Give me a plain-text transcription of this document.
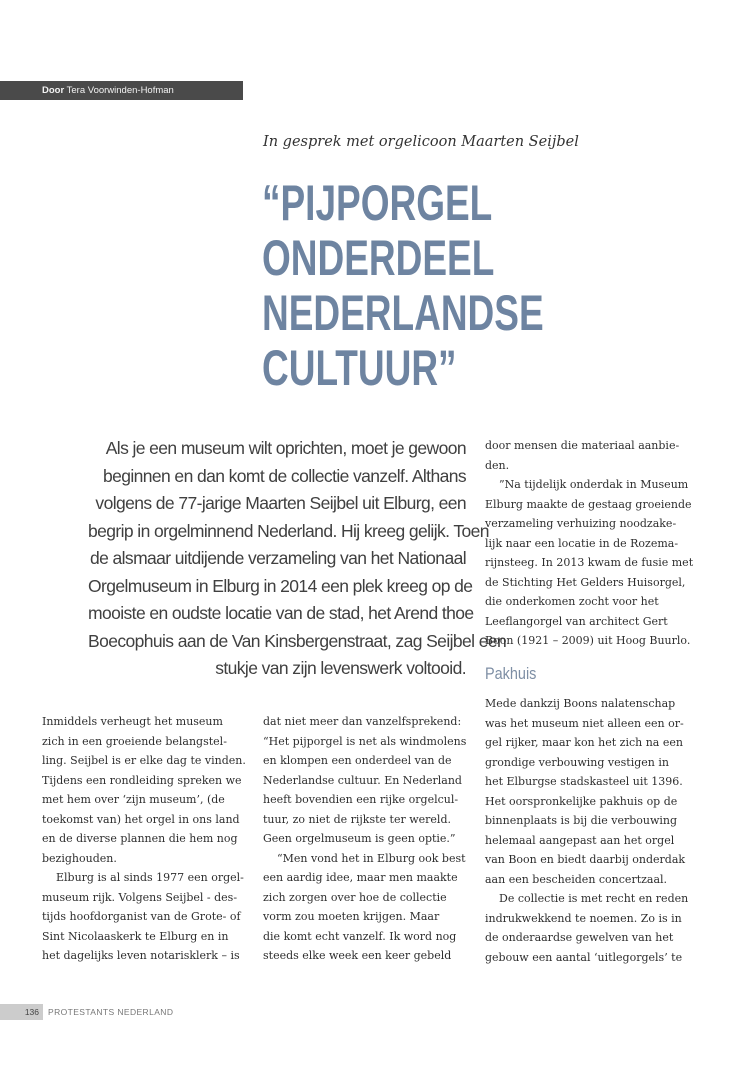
Door Tera Voorwinden-Hofman
In gesprek met orgelicoon Maarten Seijbel
“PIJPORGEL
ONDERDEEL
NEDERLANDSE
CULTUUR”

Als je een museum wilt oprichten, moet je gewoon
beginnen en dan komt de collectie vanzelf. Althans
volgens de 77-jarige Maarten Seijbel uit Elburg, een
begrip in orgelminnend Nederland. Hij kreeg gelijk. Toen
de alsmaar uitdijende verzameling van het Nationaal
Orgelmuseum in Elburg in 2014 een plek kreeg op de
mooiste en oudste locatie van de stad, het Arend thoe
Boecophuis aan de Van Kinsbergenstraat, zag Seijbel een
stukje van zijn levenswerk voltooid.

Inmiddels verheugt het museum
zich in een groeiende belangstel-
ling. Seijbel is er elke dag te vinden.
Tijdens een rondleiding spreken we
met hem over ‘zijn museum’, (de
toekomst van) het orgel in ons land
en de diverse plannen die hem nog
bezighouden.
Elburg is al sinds 1977 een orgel-
museum rijk. Volgens Seijbel - des-
tijds hoofdorganist van de Grote- of
Sint Nicolaaskerk te Elburg en in
het dagelijks leven notarisklerk – is
dat niet meer dan vanzelfsprekend:
“Het pijporgel is net als windmolens
en klompen een onderdeel van de
Nederlandse cultuur. En Nederland
heeft bovendien een rijke orgelcul-
tuur, zo niet de rijkste ter wereld.
Geen orgelmuseum is geen optie.”
“Men vond het in Elburg ook best
een aardig idee, maar men maakte
zich zorgen over hoe de collectie
vorm zou moeten krijgen. Maar
die komt echt vanzelf. Ik word nog
steeds elke week een keer gebeld
door mensen die materiaal aanbie-
den.
”Na tijdelijk onderdak in Museum
Elburg maakte de gestaag groeiende
verzameling verhuizing noodzake-
lijk naar een locatie in de Rozema-
rijnsteeg. In 2013 kwam de fusie met
de Stichting Het Gelders Huisorgel,
die onderkomen zocht voor het
Leeflangorgel van architect Gert
Boon (1921 – 2009) uit Hoog Buurlo.
Pakhuis
Mede dankzij Boons nalatenschap
was het museum niet alleen een or-
gel rijker, maar kon het zich na een
grondige verbouwing vestigen in
het Elburgse stadskasteel uit 1396.
Het oorspronkelijke pakhuis op de
binnenplaats is bij die verbouwing
helemaal aangepast aan het orgel
van Boon en biedt daarbij onderdak
aan een bescheiden concertzaal.
De collectie is met recht en reden
indrukwekkend te noemen. Zo is in
de onderaardse gewelven van het
gebouw een aantal ‘uitlegorgels’ te
136	PROTESTANTS NEDERLAND
